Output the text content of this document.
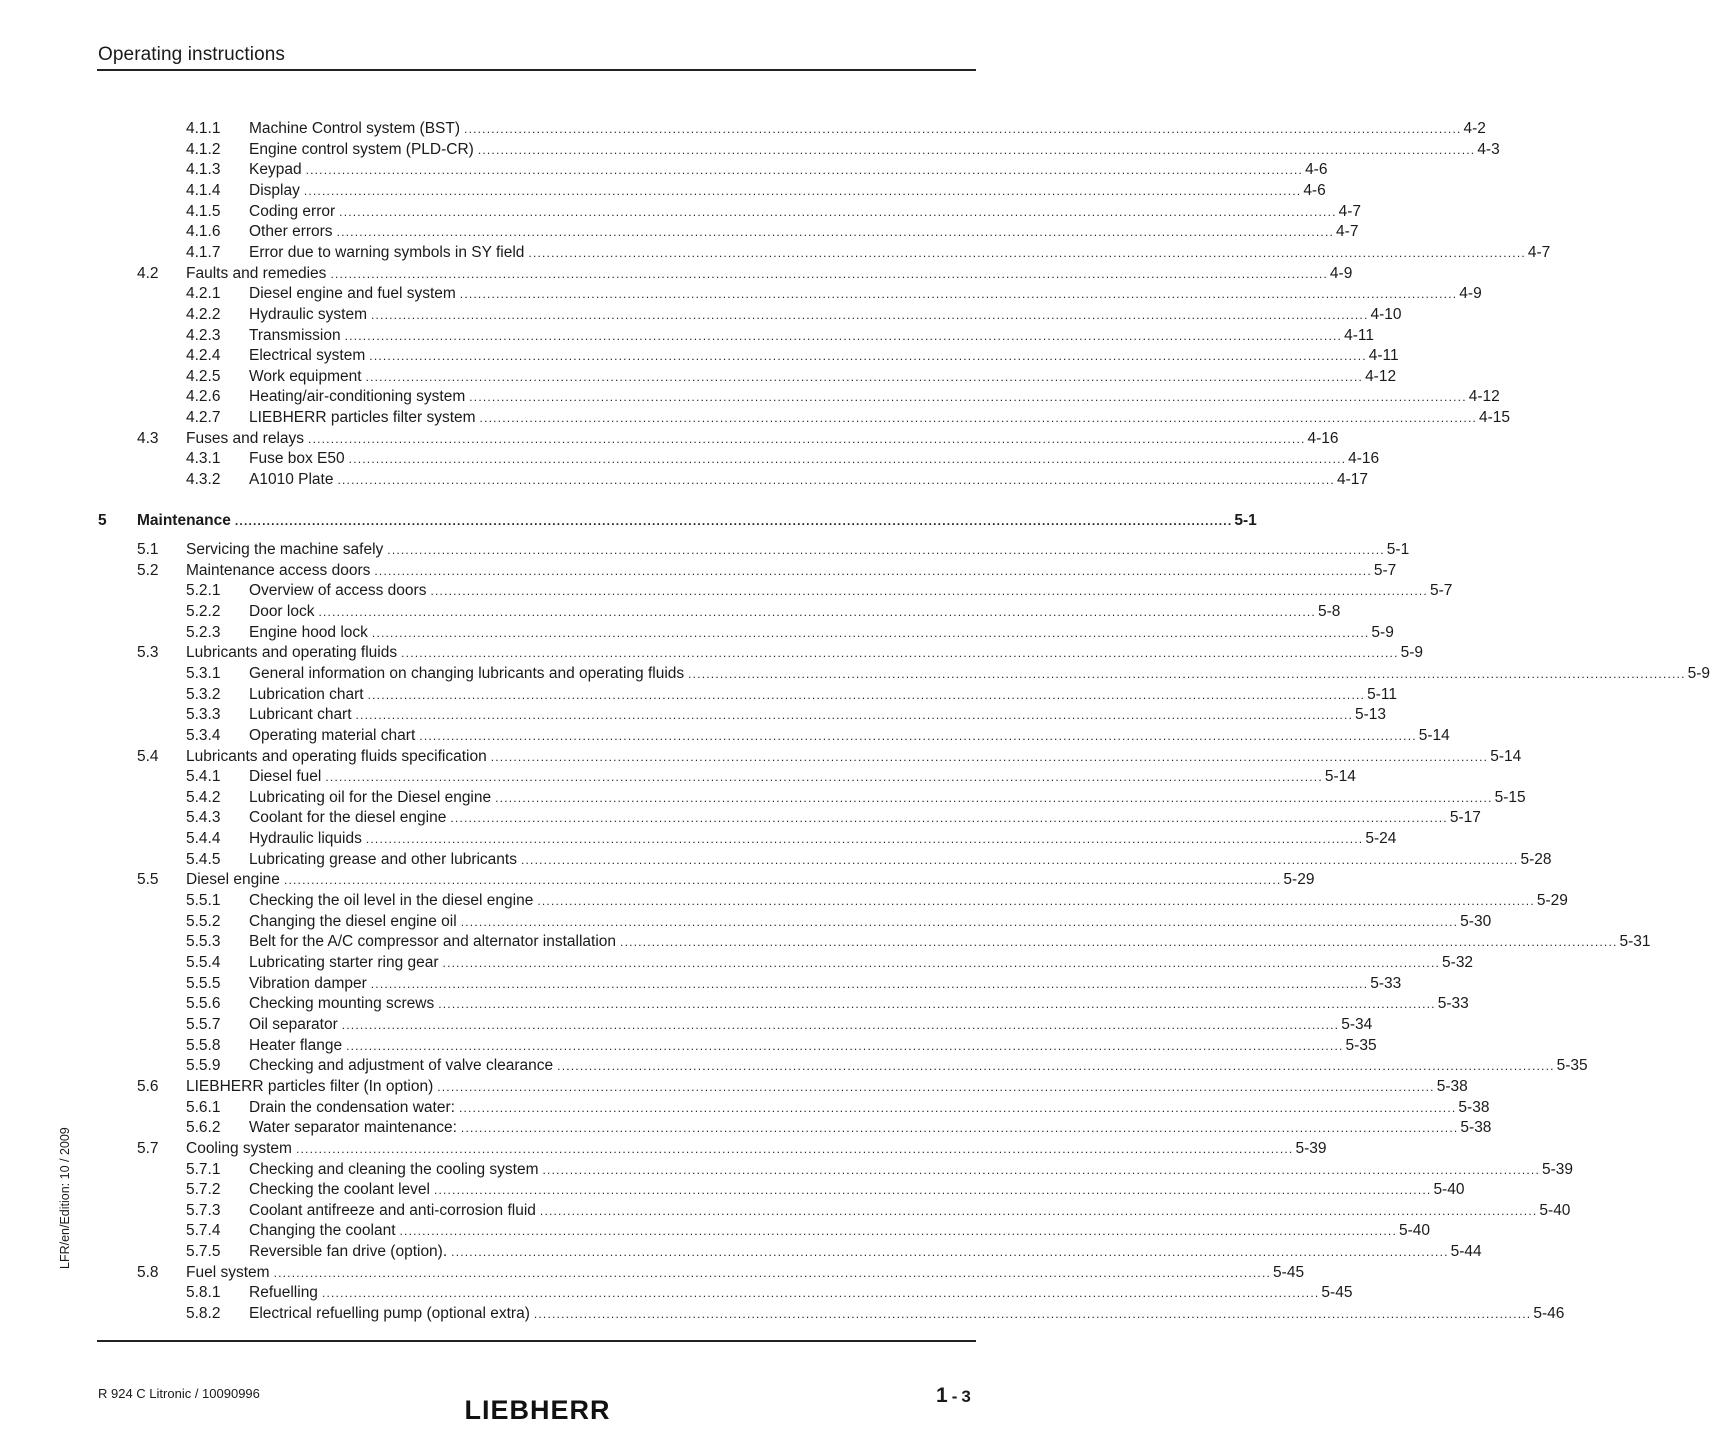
Operating instructions
LFR/en/Edition: 10 / 2009
4.1.1 Machine Control system (BST) ............................................................................................................................................................................................................................ 4-2
4.1.2 Engine control system (PLD-CR) ............................................................................................................................................................................................................................ 4-3
4.1.3 Keypad ............................................................................................................................................................................................................................ 4-6
4.1.4 Display ............................................................................................................................................................................................................................ 4-6
4.1.5 Coding error ............................................................................................................................................................................................................................ 4-7
4.1.6 Other errors ............................................................................................................................................................................................................................ 4-7
4.1.7 Error due to warning symbols in SY field ............................................................................................................................................................................................................................ 4-7
4.2 Faults and remedies ............................................................................................................................................................................................................................ 4-9
4.2.1 Diesel engine and fuel system ............................................................................................................................................................................................................................ 4-9
4.2.2 Hydraulic system ............................................................................................................................................................................................................................ 4-10
4.2.3 Transmission ............................................................................................................................................................................................................................ 4-11
4.2.4 Electrical system ............................................................................................................................................................................................................................ 4-11
4.2.5 Work equipment ............................................................................................................................................................................................................................ 4-12
4.2.6 Heating/air-conditioning system ............................................................................................................................................................................................................................ 4-12
4.2.7 LIEBHERR particles filter system ............................................................................................................................................................................................................................ 4-15
4.3 Fuses and relays ............................................................................................................................................................................................................................ 4-16
4.3.1 Fuse box E50 ............................................................................................................................................................................................................................ 4-16
4.3.2 A1010 Plate ............................................................................................................................................................................................................................ 4-17
5 Maintenance ............................................................................................................................................................................................................................ 5-1
5.1 Servicing the machine safely ............................................................................................................................................................................................................................ 5-1
5.2 Maintenance access doors ............................................................................................................................................................................................................................ 5-7
5.2.1 Overview of access doors ............................................................................................................................................................................................................................ 5-7
5.2.2 Door lock ............................................................................................................................................................................................................................ 5-8
5.2.3 Engine hood lock ............................................................................................................................................................................................................................ 5-9
5.3 Lubricants and operating fluids ............................................................................................................................................................................................................................ 5-9
5.3.1 General information on changing lubricants and operating fluids ............................................................................................................................................................................................................................ 5-9
5.3.2 Lubrication chart ............................................................................................................................................................................................................................ 5-11
5.3.3 Lubricant chart ............................................................................................................................................................................................................................ 5-13
5.3.4 Operating material chart ............................................................................................................................................................................................................................ 5-14
5.4 Lubricants and operating fluids specification ............................................................................................................................................................................................................................ 5-14
5.4.1 Diesel fuel ............................................................................................................................................................................................................................ 5-14
5.4.2 Lubricating oil for the Diesel engine ............................................................................................................................................................................................................................ 5-15
5.4.3 Coolant for the diesel engine ............................................................................................................................................................................................................................ 5-17
5.4.4 Hydraulic liquids ............................................................................................................................................................................................................................ 5-24
5.4.5 Lubricating grease and other lubricants ............................................................................................................................................................................................................................ 5-28
5.5 Diesel engine ............................................................................................................................................................................................................................ 5-29
5.5.1 Checking the oil level in the diesel engine ............................................................................................................................................................................................................................ 5-29
5.5.2 Changing the diesel engine oil ............................................................................................................................................................................................................................ 5-30
5.5.3 Belt for the A/C compressor and alternator installation ............................................................................................................................................................................................................................ 5-31
5.5.4 Lubricating starter ring gear ............................................................................................................................................................................................................................ 5-32
5.5.5 Vibration damper ............................................................................................................................................................................................................................ 5-33
5.5.6 Checking mounting screws ............................................................................................................................................................................................................................ 5-33
5.5.7 Oil separator ............................................................................................................................................................................................................................ 5-34
5.5.8 Heater flange ............................................................................................................................................................................................................................ 5-35
5.5.9 Checking and adjustment of valve clearance ............................................................................................................................................................................................................................ 5-35
5.6 LIEBHERR particles filter (In option) ............................................................................................................................................................................................................................ 5-38
5.6.1 Drain the condensation water: ............................................................................................................................................................................................................................ 5-38
5.6.2 Water separator maintenance: ............................................................................................................................................................................................................................ 5-38
5.7 Cooling system ............................................................................................................................................................................................................................ 5-39
5.7.1 Checking and cleaning the cooling system ............................................................................................................................................................................................................................ 5-39
5.7.2 Checking the coolant level ............................................................................................................................................................................................................................ 5-40
5.7.3 Coolant antifreeze and anti-corrosion fluid ............................................................................................................................................................................................................................ 5-40
5.7.4 Changing the coolant ............................................................................................................................................................................................................................ 5-40
5.7.5 Reversible fan drive (option). ............................................................................................................................................................................................................................ 5-44
5.8 Fuel system ............................................................................................................................................................................................................................ 5-45
5.8.1 Refuelling ............................................................................................................................................................................................................................ 5-45
5.8.2 Electrical refuelling pump (optional extra) ............................................................................................................................................................................................................................ 5-46
R 924 C Litronic / 10090996
LIEBHERR	1 - 3
